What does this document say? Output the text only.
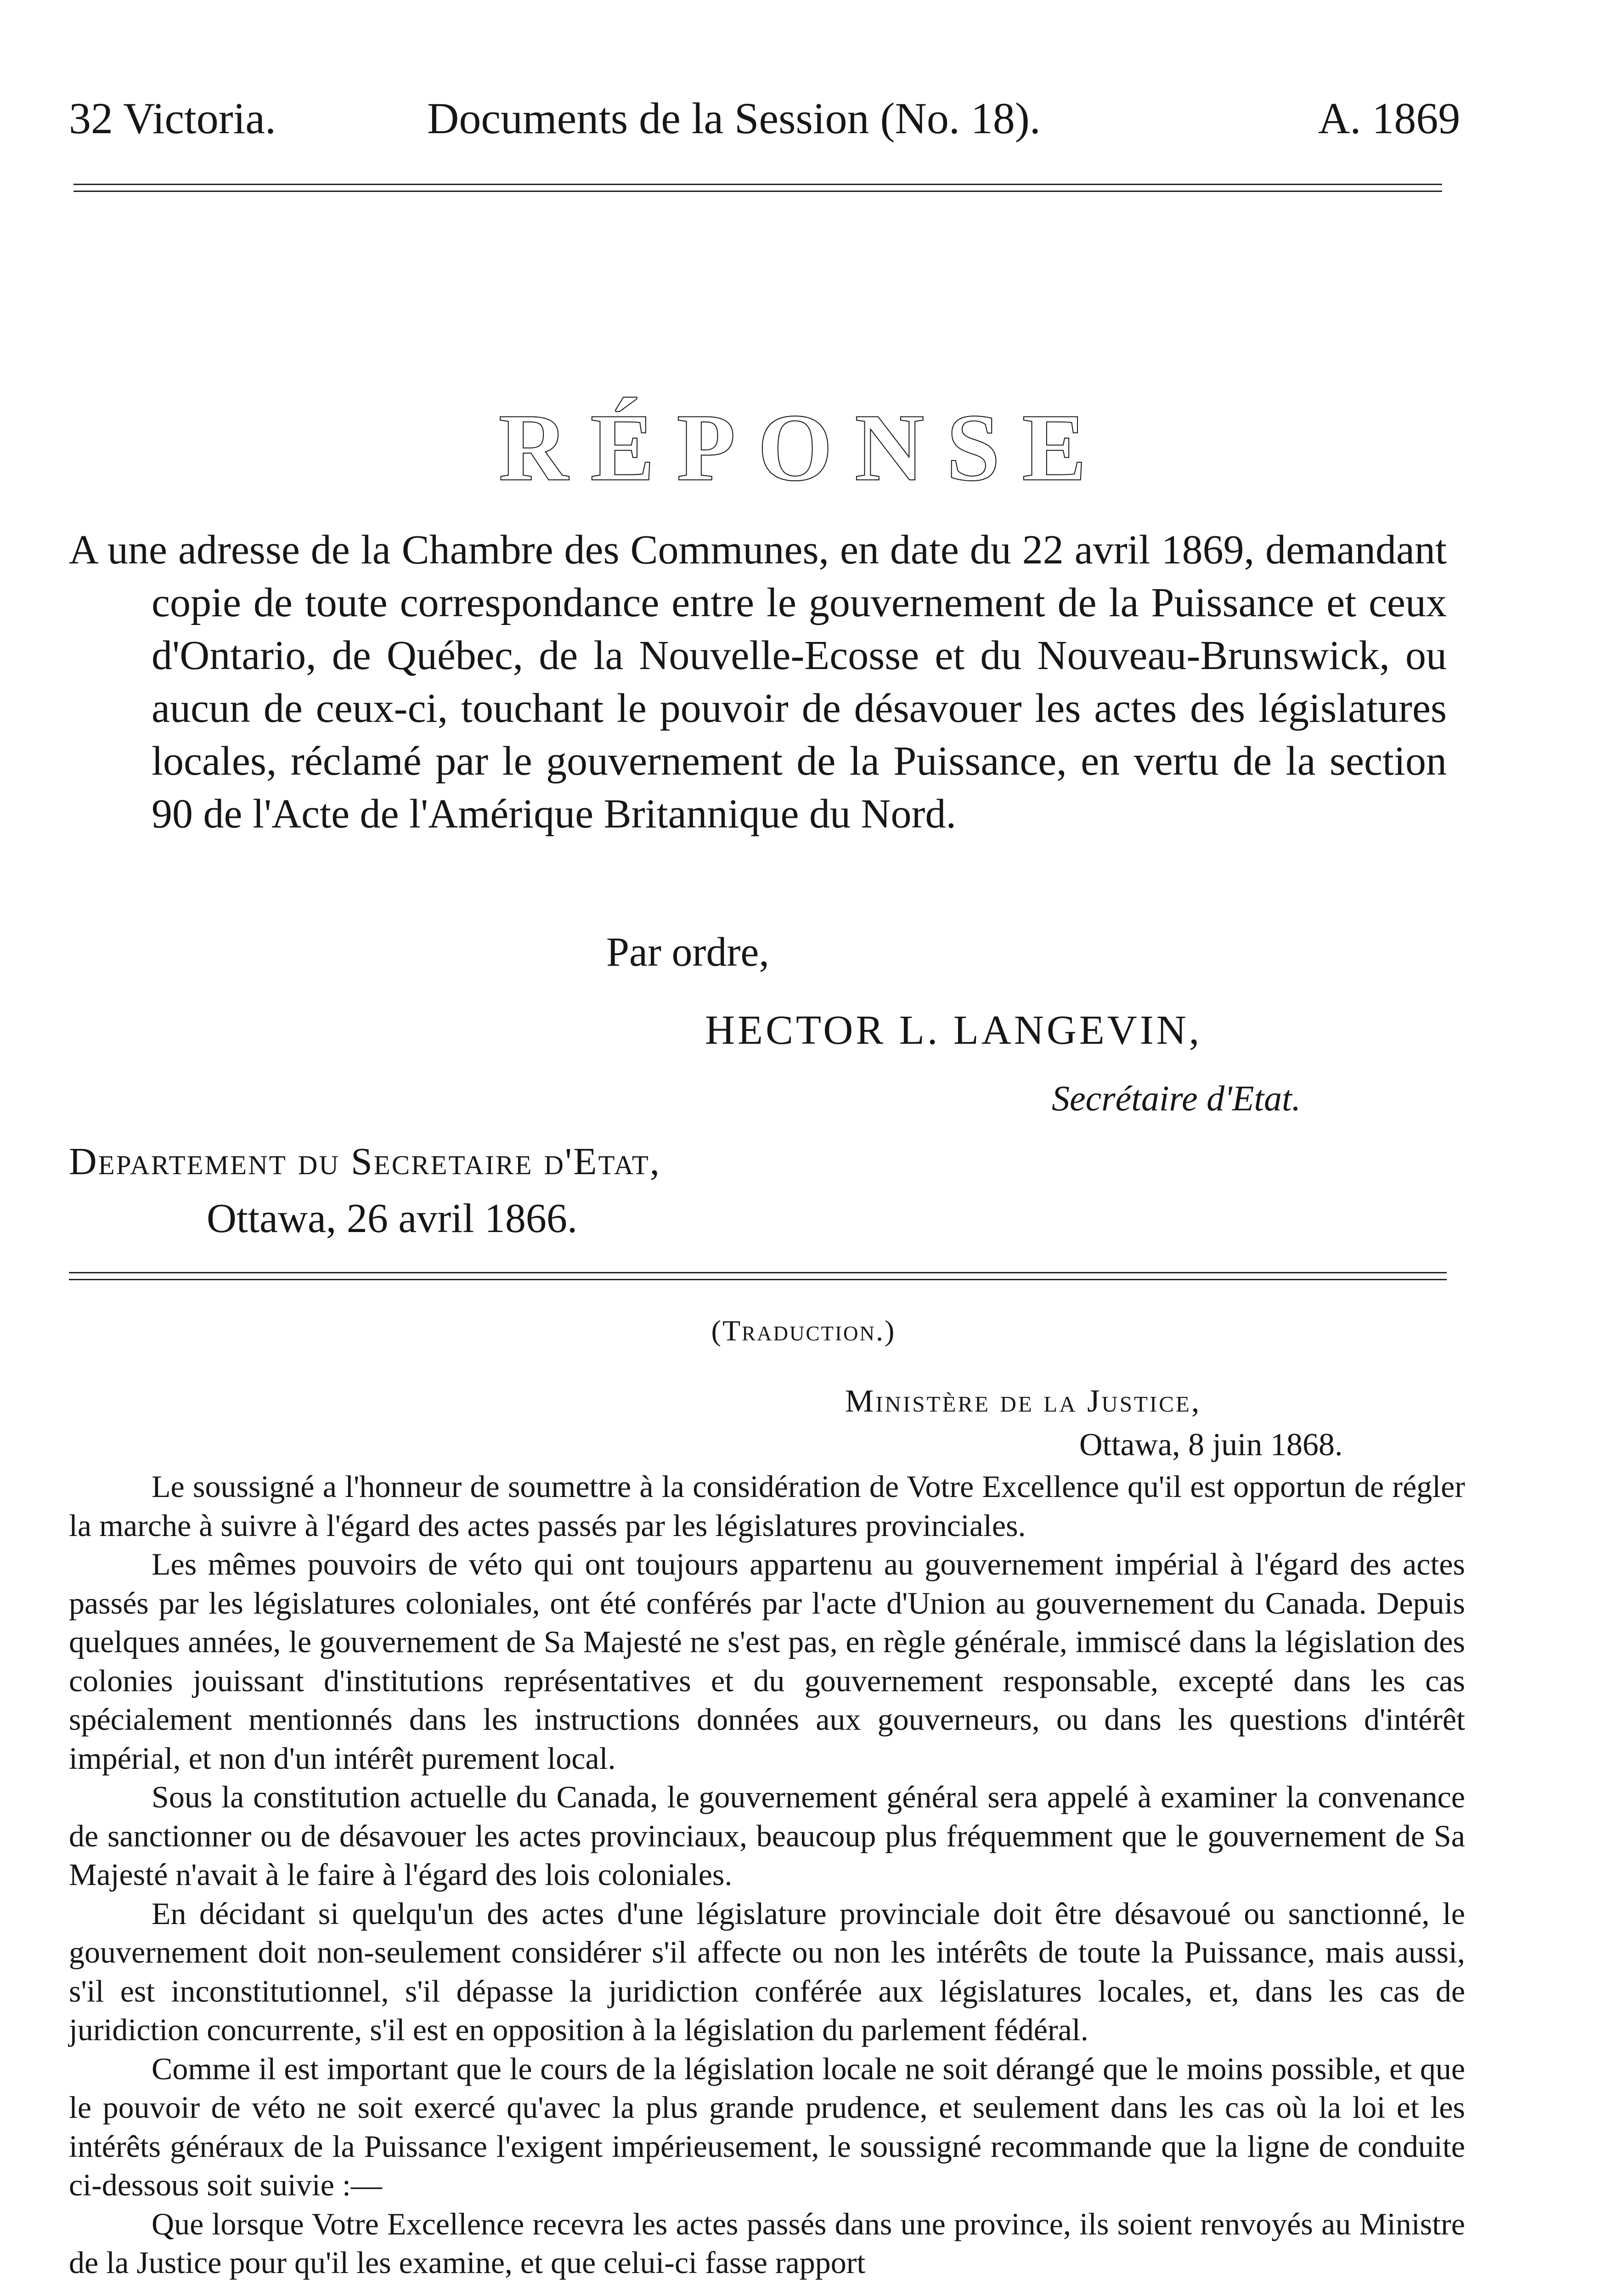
32 Victoria.	Documents de la Session (No. 18).	A. 1869
RÉPONSE
A une adresse de la Chambre des Communes, en date du 22 avril 1869, demandant copie de toute correspondance entre le gouvernement de la Puissance et ceux d'Ontario, de Québec, de la Nouvelle-Ecosse et du Nouveau-Brunswick, ou aucun de ceux-ci, touchant le pouvoir de désavouer les actes des législatures locales, réclamé par le gouvernement de la Puissance, en vertu de la section 90 de l'Acte de l'Amérique Britannique du Nord.
Par ordre,
HECTOR L. LANGEVIN,
Secrétaire d'Etat.
Departement du Secretaire d'Etat,
Ottawa, 26 avril 1866.
(Traduction.)
Ministère de la Justice,
Ottawa, 8 juin 1868.

Le soussigné a l'honneur de soumettre à la considération de Votre Excellence qu'il est opportun de régler la marche à suivre à l'égard des actes passés par les législatures provinciales.

Les mêmes pouvoirs de véto qui ont toujours appartenu au gouvernement impérial à l'égard des actes passés par les législatures coloniales, ont été conférés par l'acte d'Union au gouvernement du Canada. Depuis quelques années, le gouvernement de Sa Majesté ne s'est pas, en règle générale, immiscé dans la législation des colonies jouissant d'institutions représentatives et du gouvernement responsable, excepté dans les cas spécialement mentionnés dans les instructions données aux gouverneurs, ou dans les questions d'intérêt impérial, et non d'un intérêt purement local.

Sous la constitution actuelle du Canada, le gouvernement général sera appelé à examiner la convenance de sanctionner ou de désavouer les actes provinciaux, beaucoup plus fréquemment que le gouvernement de Sa Majesté n'avait à le faire à l'égard des lois coloniales.

En décidant si quelqu'un des actes d'une législature provinciale doit être désavoué ou sanctionné, le gouvernement doit non-seulement considérer s'il affecte ou non les intérêts de toute la Puissance, mais aussi, s'il est inconstitutionnel, s'il dépasse la juridiction conférée aux législatures locales, et, dans les cas de juridiction concurrente, s'il est en opposition à la législation du parlement fédéral.

Comme il est important que le cours de la législation locale ne soit dérangé que le moins possible, et que le pouvoir de véto ne soit exercé qu'avec la plus grande prudence, et seulement dans les cas où la loi et les intérêts généraux de la Puissance l'exigent impérieusement, le soussigné recommande que la ligne de conduite ci-dessous soit suivie :—

Que lorsque Votre Excellence recevra les actes passés dans une province, ils soient renvoyés au Ministre de la Justice pour qu'il les examine, et que celui-ci fasse rapport
